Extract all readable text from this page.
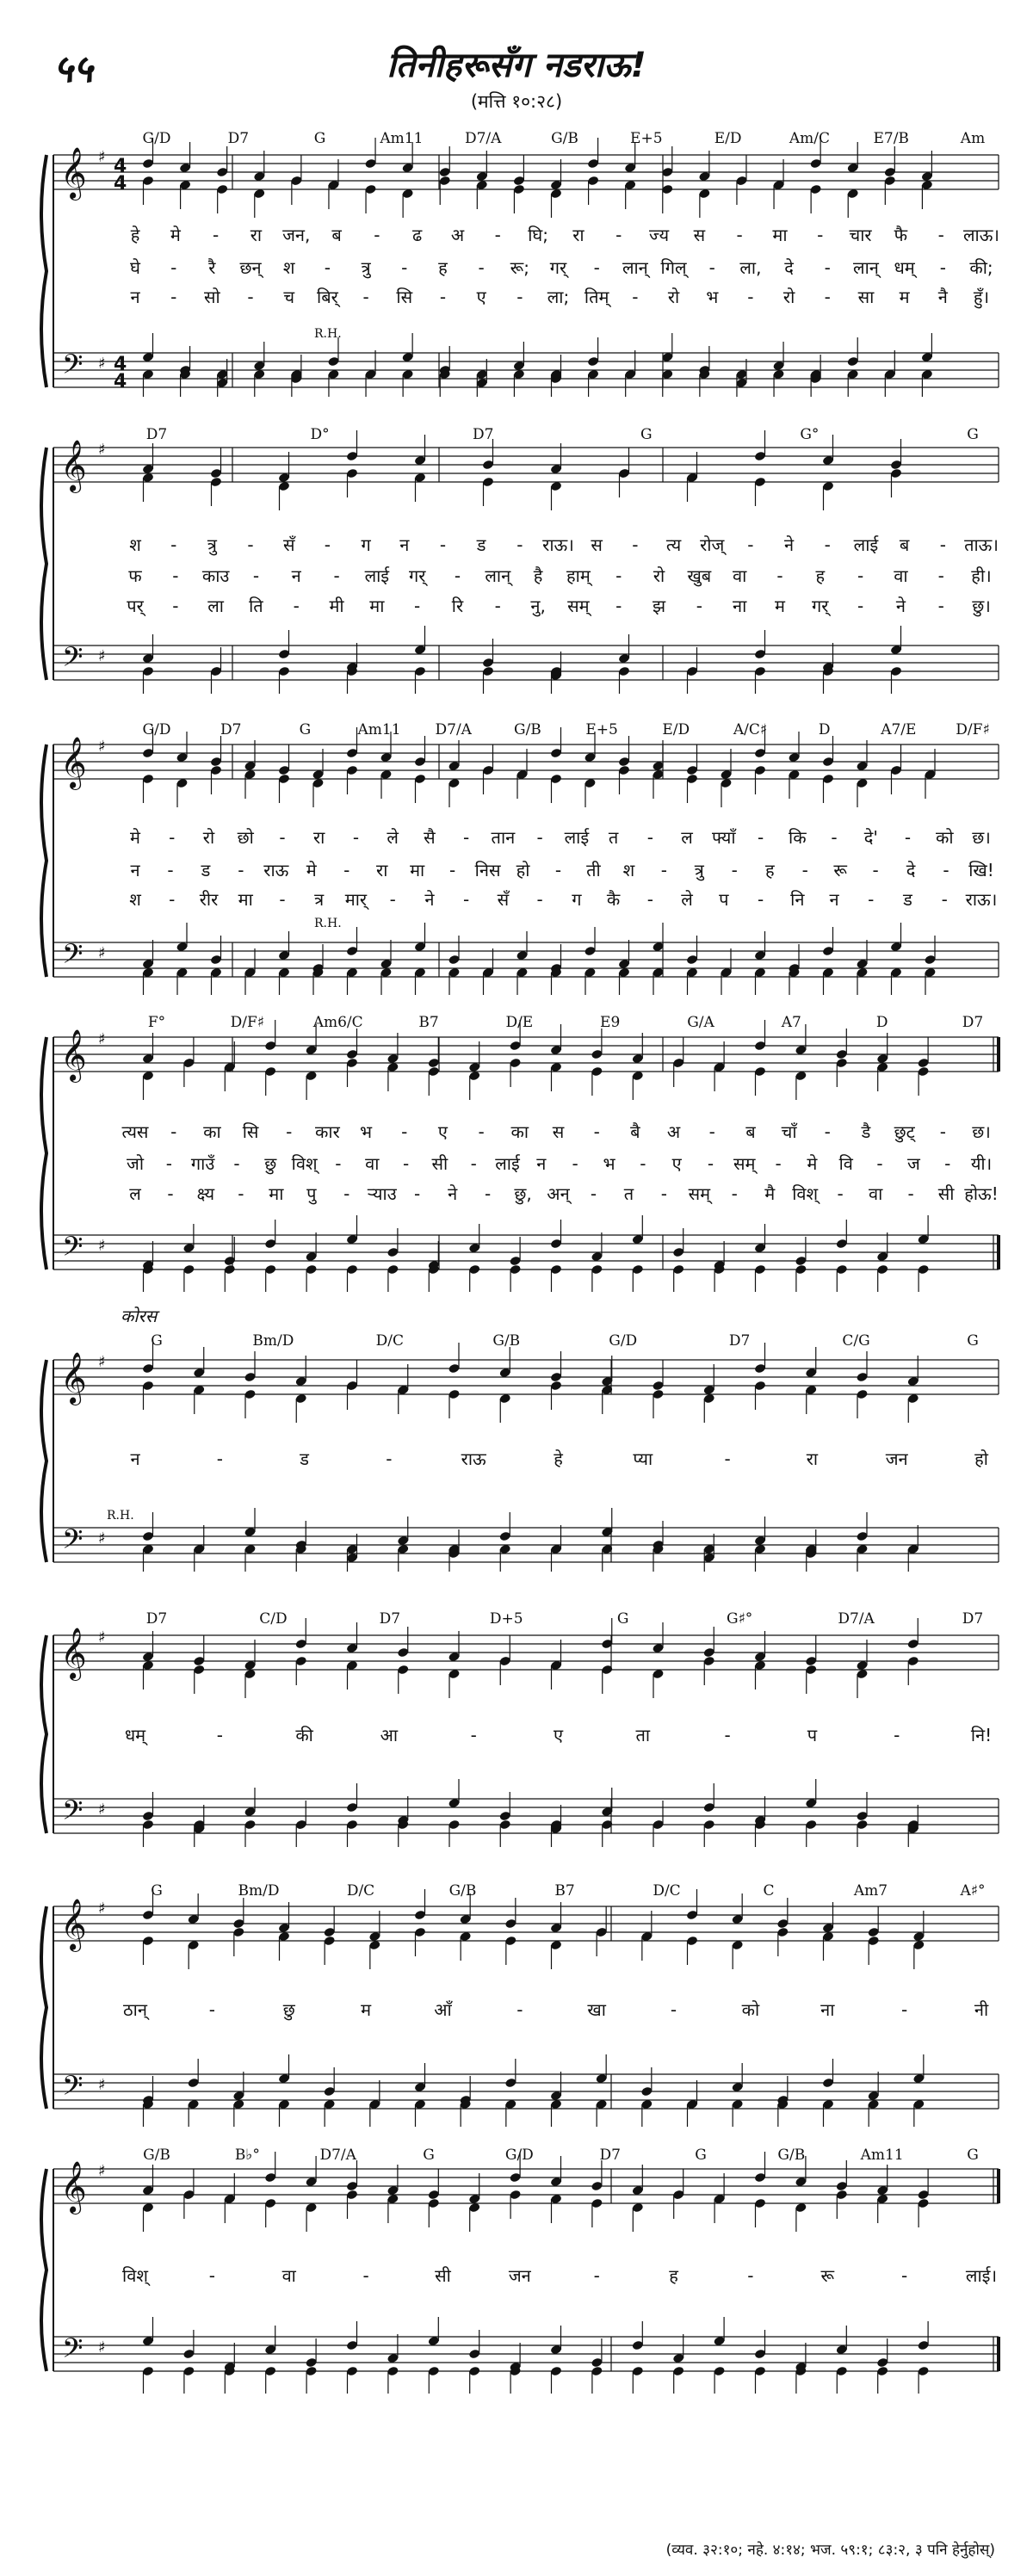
५५	तिनीहरूसँग नडराऊ!
(मत्ति १०:२८)
𝄞
𝄢
♯
♯
4
4
4
4
G/D	D7	G	Am11	D7/A	G/B	E+5	E/D	Am/C	E7/B	Am
R.H.
हे मे - रा जन, ब - ढ अ - घि; रा - ज्य स - मा - चार फै - लाऊ।
घे - रै छन् श - त्रु - ह - रू; गर् - लान् गिल् - ला, दे - लान् धम् - की;
न - सो - च बिर् - सि - ए - ला; तिम् - रो भ - रो - सा म नै हुँ।
𝄞
𝄢
♯
♯
D7	D°	D7	G	G°	G
श - त्रु - सँ - ग न - ड - राऊ। स - त्य रोज् - ने - लाई ब - ताऊ।
फ - काउ - न - लाई गर् - लान् है हाम् - रो खुब वा - ह - वा - ही।
पर् - ला ति - मी मा - रि - नु, सम् - झ - ना म गर् - ने - छु।
𝄞
𝄢
♯
♯
G/D	D7	G	Am11 D7/A	G/B	E+5	E/D	A/C♯	D	A7/E	D/F♯
R.H.
मे - रो छो - रा - ले सै - तान - लाई त - ल फ्याँ - कि - दे' - को छ।
न - ड - राऊ मे - रा मा - निस हो - ती श - त्रु - ह - रू - दे - खि!
श - रीर मा - त्र मार् - ने - सँ - ग कै - ले प - नि न - ड - राऊ।
𝄞
𝄢
♯
♯
F°	D/F♯	Am6/C	B7	D/E	E9	G/A	A7	D	D7
त्यस - का सि - कार भ - ए - का स - बै अ - ब चाँ - डै छुट् - छ।
जो - गाउँ - छु विश् - वा - सी - लाई न - भ - ए - सम् - मे वि - ज - यी।
ल - क्ष्य - मा पु - र्‍याउ - ने - छु, अन् - त - सम् - मै विश् - वा - सी होऊ!
𝄞
𝄢
♯
♯
G	Bm/D	D/C	G/B	G/D	D7	C/G	G
R.H.
कोरस
न	-	ड	-	राऊ	हे	प्या	-	रा	जन	हो
𝄞
𝄢
♯
♯
D7	C/D	D7	D+5	G	G♯°	D7/A	D7
धम्	-	की	आ	-	ए	ता	-	प	-	नि!
𝄞
𝄢
♯
♯
G	Bm/D	D/C	G/B	B7	D/C	C	Am7	A♯°
ठान्	-	छु	म	आँ	-	खा	-	को	ना	-	नी
𝄞
𝄢
♯
♯
G/B	B♭°	D7/A	G	G/D	D7	G	G/B	Am11	G
विश्	-	वा	-	सी	जन	-	ह	-	रू	-	लाई।
(व्यव. ३२:१०; नहे. ४:१४; भज. ५९:१; ८३:२, ३ पनि हेर्नुहोस्)
